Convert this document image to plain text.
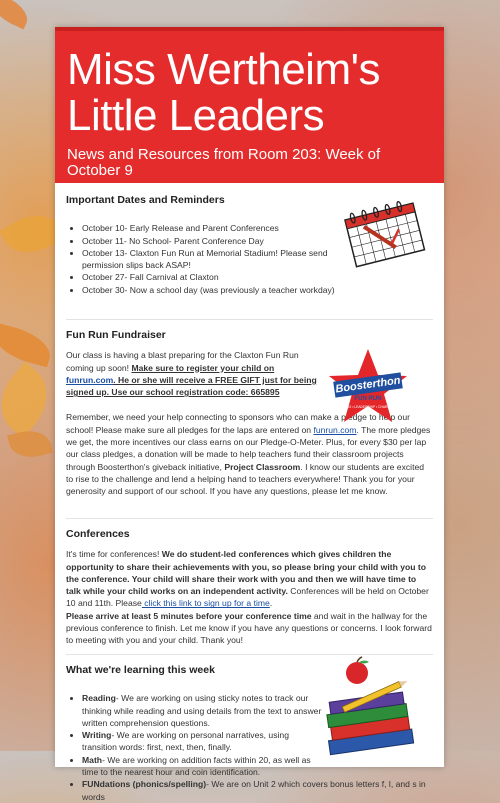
Miss Wertheim's Little Leaders
News and Resources from Room 203: Week of October 9
Important Dates and Reminders
• October 10- Early Release and Parent Conferences
• October 11- No School- Parent Conference Day
• October 13- Claxton Fun Run at Memorial Stadium! Please send permission slips back ASAP!
• October 27- Fall Carnival at Claxton
• October 30- Now a school day (was previously a teacher workday)
Fun Run Fundraiser
Boosterthon
FUN RUN
FITNESS • LEADERSHIP • CHARACTER

Our class is having a blast preparing for the Claxton Fun Run coming up soon! Make sure to register your child on funrun.com. He or she will receive a FREE GIFT just for being signed up. Use our school registration code: 665895

Remember, we need your help connecting to sponsors who can make a pledge to help our school! Please make sure all pledges for the laps are entered on funrun.com. The more pledges we get, the more incentives our class earns on our Pledge-O-Meter. Plus, for every $30 per lap our class pledges, a donation will be made to help teachers fund their classroom projects through Boosterthon's giveback initiative, Project Classroom. I know our students are excited to rise to the challenge and lend a helping hand to teachers everywhere! Thank you for your generosity and support of our school. If you have any questions, please let me know.

Conferences

It's time for conferences! We do student-led conferences which gives children the opportunity to share their achievements with you, so please bring your child with you to the conference. Your child will share their work with you and then we will have time to talk while your child works on an independent activity. Conferences will be held on October 10 and 11th. Please click this link to sign up for a time.

Please arrive at least 5 minutes before your conference time and wait in the hallway for the previous conference to finish. Let me know if you have any questions or concerns. I look forward to meeting with you and your child. Thank you!

What we're learning this week
• Reading- We are working on using sticky notes to track our thinking while reading and using details from the text to answer written comprehension questions.
• Writing- We are working on personal narratives, using transition words: first, next, then, finally.
• Math- We are working on addition facts within 20, as well as time to the nearest hour and coin identification.
• FUNdations (phonics/spelling)- We are on Unit 2 which covers bonus letters f, l, and s in words
